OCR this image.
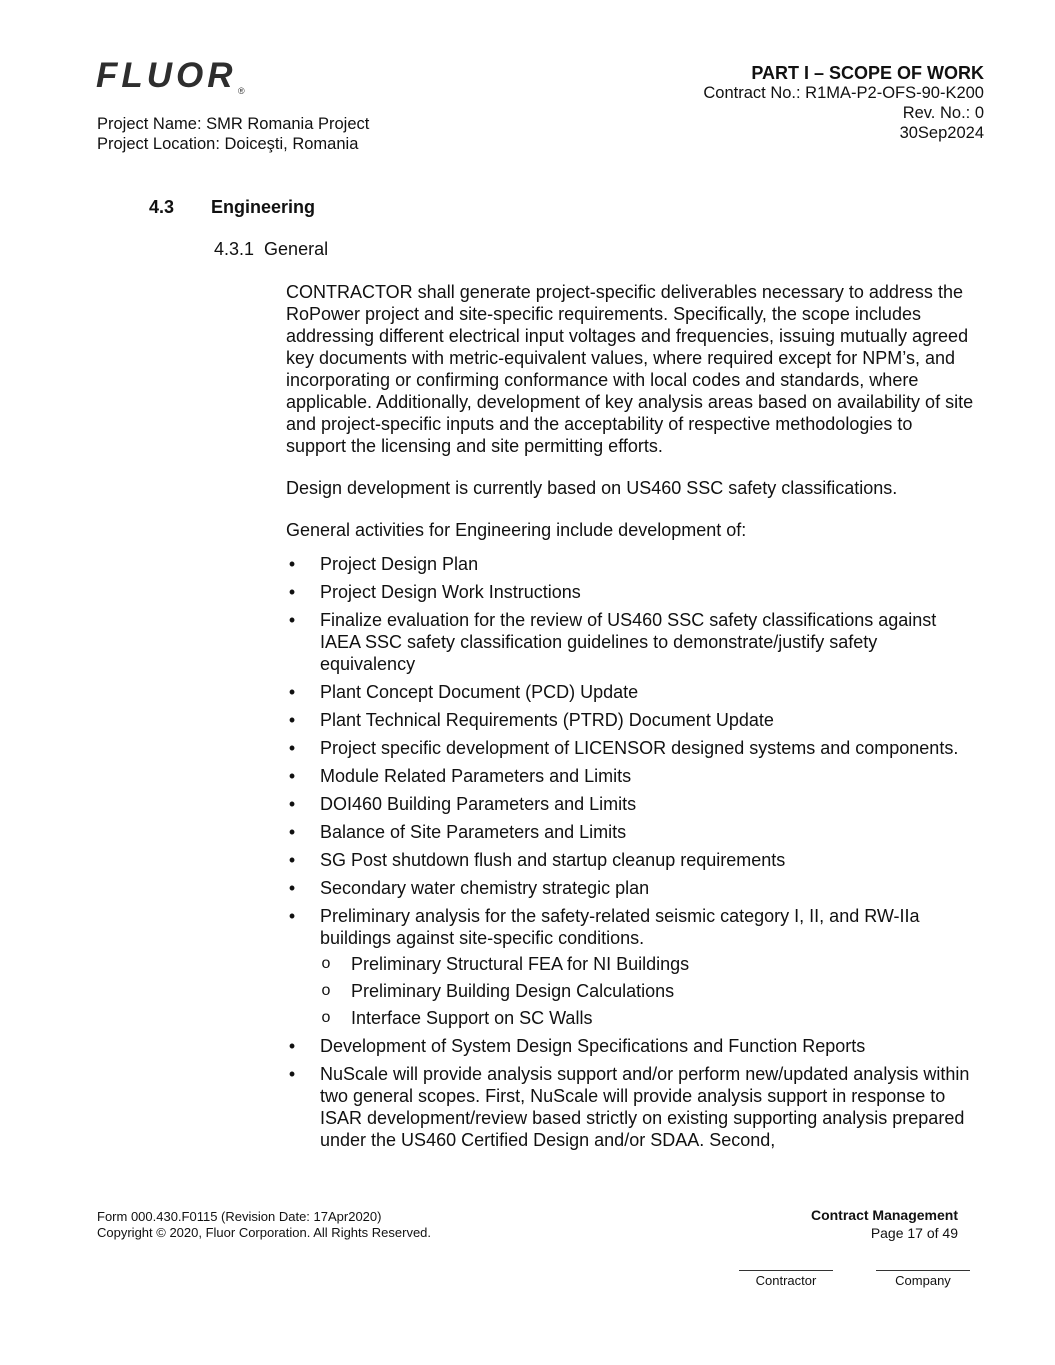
FLUOR ®
Project Name: SMR Romania Project
Project Location: Doiceşti, Romania
PART I – SCOPE OF WORK
Contract No.: R1MA-P2-OFS-90-K200
Rev. No.: 0
30Sep2024
4.3 Engineering
4.3.1 General

CONTRACTOR shall generate project-specific deliverables necessary to address the RoPower project and site-specific requirements. Specifically, the scope includes addressing different electrical input voltages and frequencies, issuing mutually agreed key documents with metric-equivalent values, where required except for NPM’s, and incorporating or confirming conformance with local codes and standards, where applicable. Additionally, development of key analysis areas based on availability of site and project-specific inputs and the acceptability of respective methodologies to support the licensing and site permitting efforts.

Design development is currently based on US460 SSC safety classifications.

General activities for Engineering include development of:

• Project Design Plan
• Project Design Work Instructions
• Finalize evaluation for the review of US460 SSC safety classifications against IAEA SSC safety classification guidelines to demonstrate/justify safety equivalency
• Plant Concept Document (PCD) Update
• Plant Technical Requirements (PTRD) Document Update
• Project specific development of LICENSOR designed systems and components.
• Module Related Parameters and Limits
• DOI460 Building Parameters and Limits
• Balance of Site Parameters and Limits
• SG Post shutdown flush and startup cleanup requirements
• Secondary water chemistry strategic plan
• Preliminary analysis for the safety-related seismic category I, II, and RW-IIa buildings against site-specific conditions.
o Preliminary Structural FEA for NI Buildings
o Preliminary Building Design Calculations
o Interface Support on SC Walls
• Development of System Design Specifications and Function Reports
• NuScale will provide analysis support and/or perform new/updated analysis within two general scopes. First, NuScale will provide analysis support in response to ISAR development/review based strictly on existing supporting analysis prepared under the US460 Certified Design and/or SDAA. Second,
Form 000.430.F0115 (Revision Date: 17Apr2020)
Copyright © 2020, Fluor Corporation. All Rights Reserved.
Contract Management
Page 17 of 49
Contractor	Company
